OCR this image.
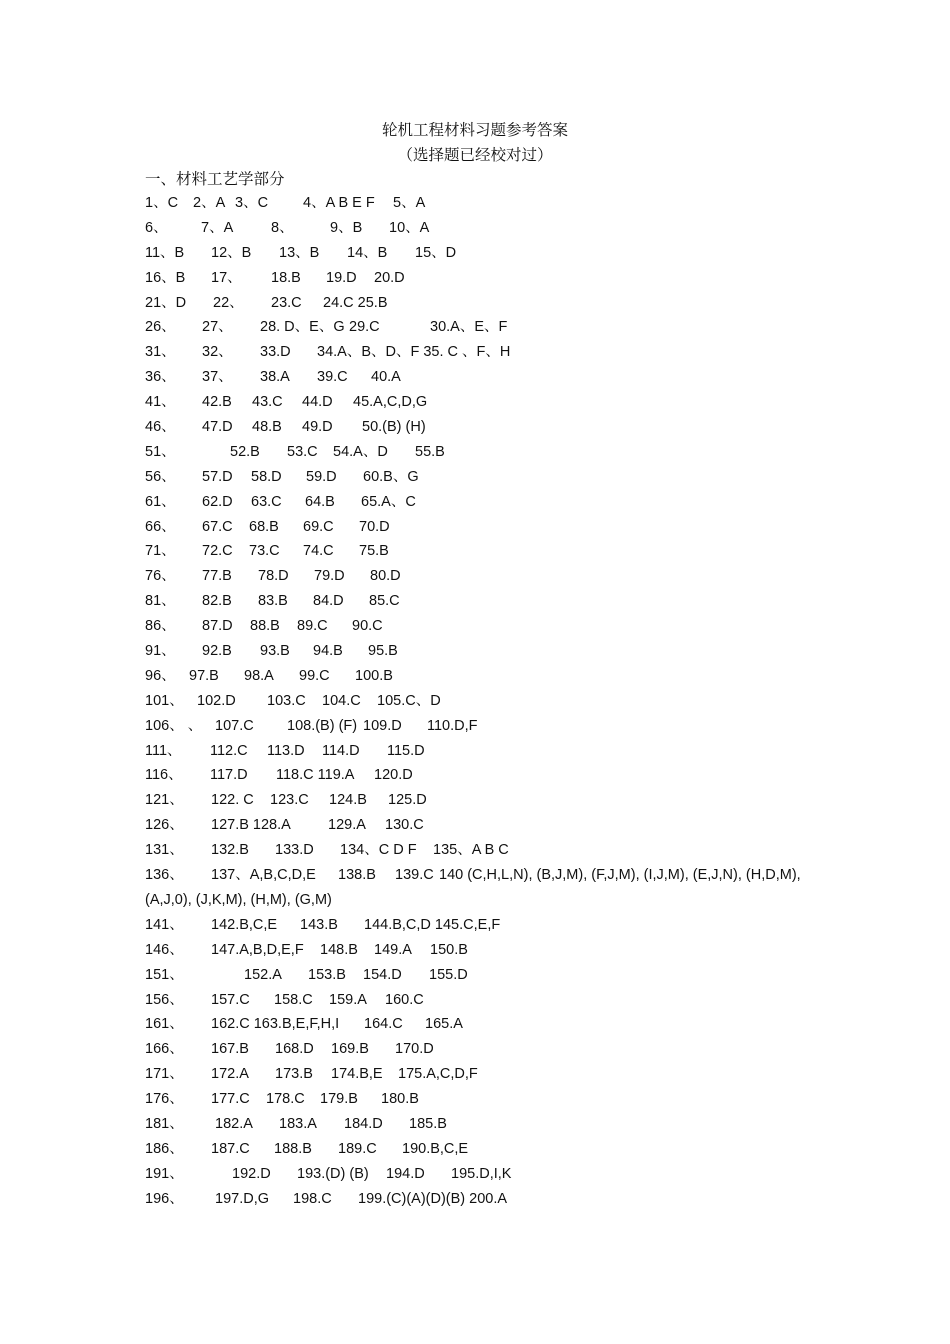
轮机工程材料习题参考答案
（选择题已经校对过）
一、材料工艺学部分
1、C 2、A 3、C 4、A B E F 5、A
6、 7、A	8、	9、B 10、A
11、B 12、B 13、B 14、B 15、D
16、B 17、 18.B 19.D 20.D
21、D 22、 23.C 24.C 25.B
26、 27、 28. D、E、G 29.C	30.A、E、F
31、 32、 33.D 34.A、B、D、F 35. C 、F、H
36、 37、 38.A 39.C 40.A
41、 42.B 43.C 44.D 45.A,C,D,G
46、 47.D 48.B 49.D 50.(B) (H)
51、	52.B 53.C 54.A、D 55.B
56、 57.D 58.D 59.D 60.B、G
61、 62.D 63.C 64.B 65.A、C
66、 67.C 68.B 69.C 70.D
71、 72.C 73.C 74.C 75.B
76、 77.B 78.D 79.D 80.D
81、 82.B 83.B 84.D 85.C
86、 87.D 88.B 89.C 90.C
91、 92.B 93.B 94.B 95.B
96、 97.B 98.A 99.C 100.B
101、 102.D 103.C 104.C 105.C、D
106、 、 107.C 108.(B) (F) 109.D 110.D,F
111、 112.C 113.D 114.D 115.D
116、 117.D 118.C 119.A 120.D
121、 122. C 123.C 124.B 125.D
126、 127.B 128.A	129.A 130.C
131、 132.B 133.D 134、C D F 135、A B C
136、 137、A,B,C,D,E 138.B 139.C 140 (C,H,L,N), (B,J,M), (F,J,M), (I,J,M), (E,J,N), (H,D,M),
(A,J,0), (J,K,M), (H,M), (G,M)
141、 142.B,C,E 143.B 144.B,C,D 145.C,E,F
146、 147.A,B,D,E,F 148.B 149.A 150.B
151、	152.A 153.B 154.D 155.D
156、 157.C 158.C 159.A 160.C
161、 162.C 163.B,E,F,H,I 164.C 165.A
166、 167.B 168.D 169.B 170.D
171、 172.A 173.B 174.B,E 175.A,C,D,F
176、 177.C 178.C 179.B 180.B
181、 182.A 183.A 184.D 185.B
186、 187.C 188.B 189.C 190.B,C,E
191、	192.D 193.(D) (B) 194.D 195.D,I,K
196、 197.D,G 198.C 199.(C)(A)(D)(B) 200.A
